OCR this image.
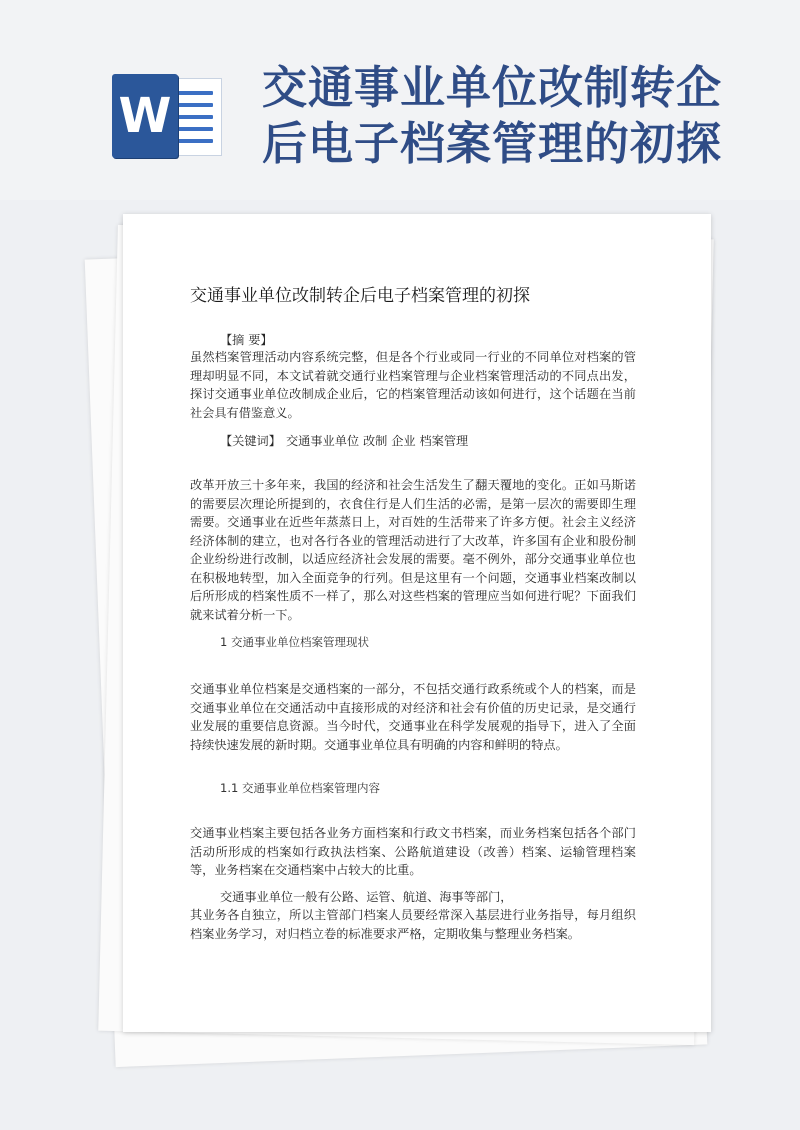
W
交通事业单位改制转企后电子档案管理的初探
交通事业单位改制转企后电子档案管理的初探

【摘 要】

虽然档案管理活动内容系统完整，但是各个行业或同一行业的不同单位对档案的管理却明显不同，本文试着就交通行业档案管理与企业档案管理活动的不同点出发，探讨交通事业单位改制成企业后，它的档案管理活动该如何进行，这个话题在当前社会具有借鉴意义。

【关键词】 交通事业单位 改制 企业 档案管理

改革开放三十多年来，我国的经济和社会生活发生了翻天覆地的变化。正如马斯诺的需要层次理论所提到的，衣食住行是人们生活的必需，是第一层次的需要即生理需要。交通事业在近些年蒸蒸日上，对百姓的生活带来了许多方便。社会主义经济经济体制的建立，也对各行各业的管理活动进行了大改革，许多国有企业和股份制企业纷纷进行改制，以适应经济社会发展的需要。毫不例外，部分交通事业单位也在积极地转型，加入全面竞争的行列。但是这里有一个问题，交通事业档案改制以后所形成的档案性质不一样了，那么对这些档案的管理应当如何进行呢？下面我们就来试着分析一下。

1 交通事业单位档案管理现状

交通事业单位档案是交通档案的一部分，不包括交通行政系统或个人的档案，而是交通事业单位在交通活动中直接形成的对经济和社会有价值的历史记录，是交通行业发展的重要信息资源。当今时代，交通事业在科学发展观的指导下，进入了全面持续快速发展的新时期。交通事业单位具有明确的内容和鲜明的特点。

1.1 交通事业单位档案管理内容

交通事业档案主要包括各业务方面档案和行政文书档案，而业务档案包括各个部门活动所形成的档案如行政执法档案、公路航道建设（改善）档案、运输管理档案等，业务档案在交通档案中占较大的比重。

交通事业单位一般有公路、运管、航道、海事等部门，

其业务各自独立，所以主管部门档案人员要经常深入基层进行业务指导，每月组织档案业务学习，对归档立卷的标准要求严格，定期收集与整理业务档案。
